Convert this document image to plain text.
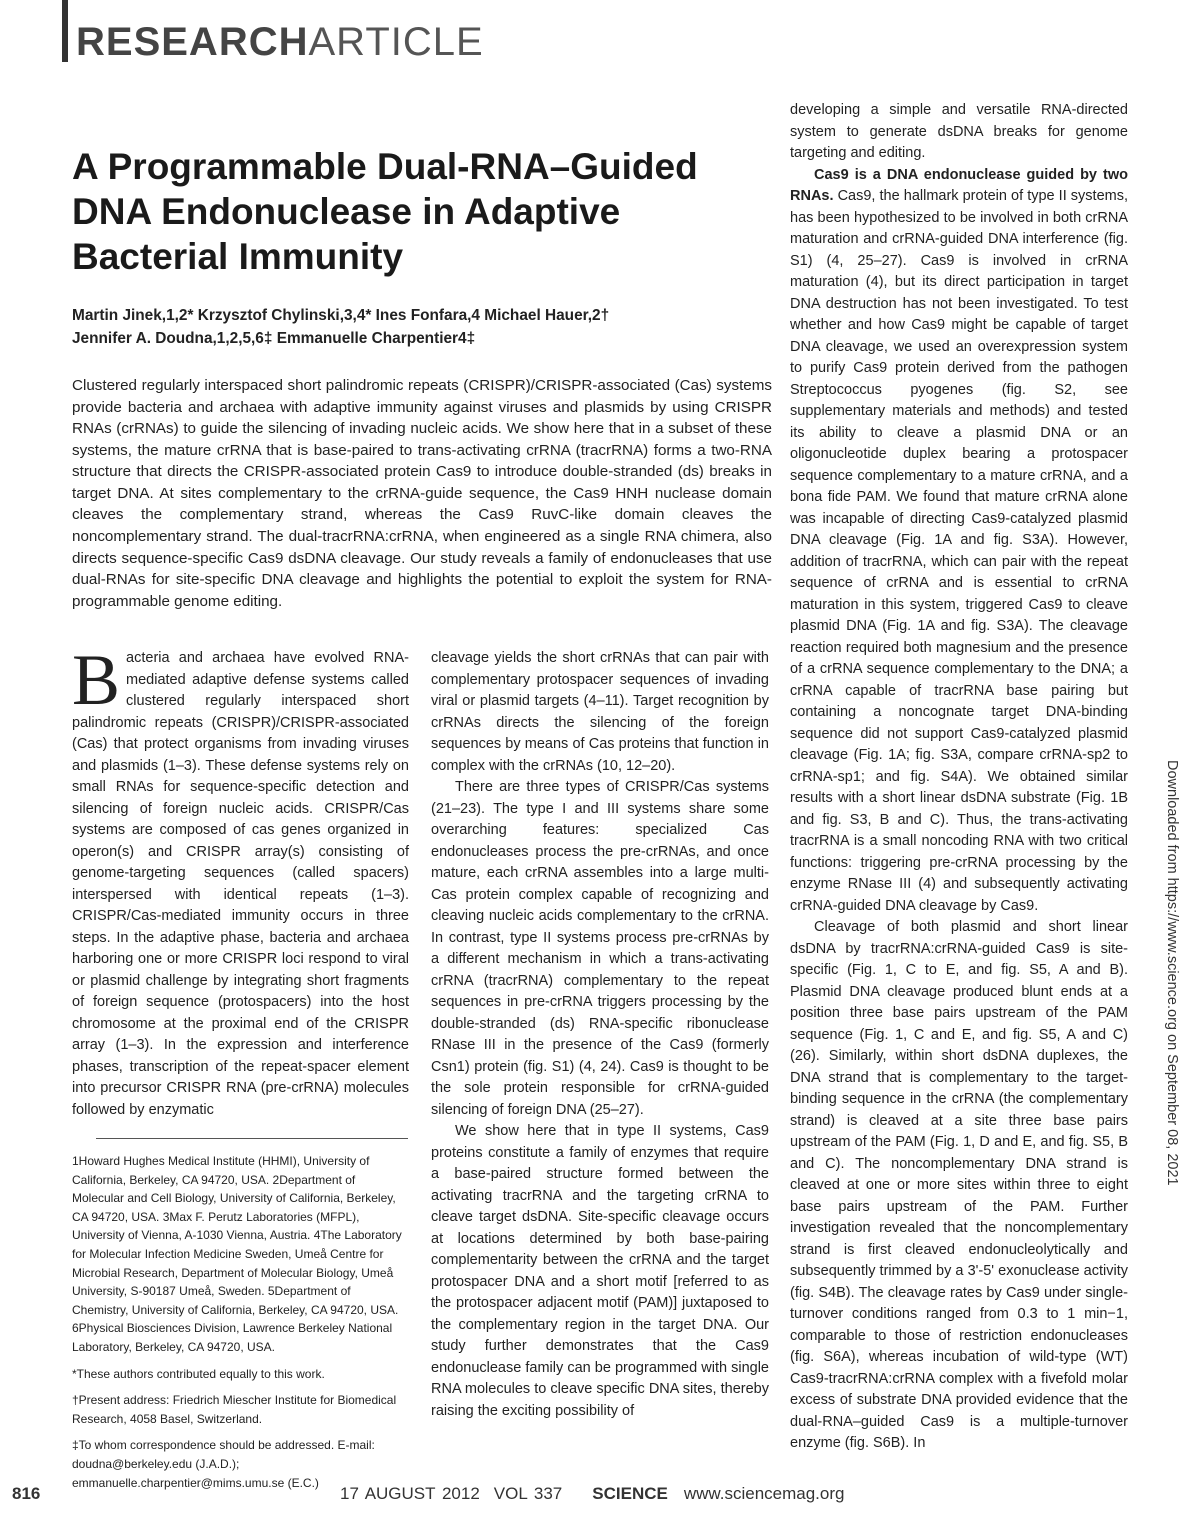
RESEARCHARTICLE
A Programmable Dual-RNA–Guided DNA Endonuclease in Adaptive Bacterial Immunity
Martin Jinek,1,2* Krzysztof Chylinski,3,4* Ines Fonfara,4 Michael Hauer,2†
Jennifer A. Doudna,1,2,5,6‡ Emmanuelle Charpentier4‡
Clustered regularly interspaced short palindromic repeats (CRISPR)/CRISPR-associated (Cas) systems provide bacteria and archaea with adaptive immunity against viruses and plasmids by using CRISPR RNAs (crRNAs) to guide the silencing of invading nucleic acids. We show here that in a subset of these systems, the mature crRNA that is base-paired to trans-activating crRNA (tracrRNA) forms a two-RNA structure that directs the CRISPR-associated protein Cas9 to introduce double-stranded (ds) breaks in target DNA. At sites complementary to the crRNA-guide sequence, the Cas9 HNH nuclease domain cleaves the complementary strand, whereas the Cas9 RuvC-like domain cleaves the noncomplementary strand. The dual-tracrRNA:crRNA, when engineered as a single RNA chimera, also directs sequence-specific Cas9 dsDNA cleavage. Our study reveals a family of endonucleases that use dual-RNAs for site-specific DNA cleavage and highlights the potential to exploit the system for RNA-programmable genome editing.

Bacteria and archaea have evolved RNA-mediated adaptive defense systems called clustered regularly interspaced short palindromic repeats (CRISPR)/CRISPR-associated (Cas) that protect organisms from invading viruses and plasmids (1–3). These defense systems rely on small RNAs for sequence-specific detection and silencing of foreign nucleic acids. CRISPR/Cas systems are composed of cas genes organized in operon(s) and CRISPR array(s) consisting of genome-targeting sequences (called spacers) interspersed with identical repeats (1–3). CRISPR/Cas-mediated immunity occurs in three steps. In the adaptive phase, bacteria and archaea harboring one or more CRISPR loci respond to viral or plasmid challenge by integrating short fragments of foreign sequence (protospacers) into the host chromosome at the proximal end of the CRISPR array (1–3). In the expression and interference phases, transcription of the repeat-spacer element into precursor CRISPR RNA (pre-crRNA) molecules followed by enzymatic

1Howard Hughes Medical Institute (HHMI), University of California, Berkeley, CA 94720, USA. 2Department of Molecular and Cell Biology, University of California, Berkeley, CA 94720, USA. 3Max F. Perutz Laboratories (MFPL), University of Vienna, A-1030 Vienna, Austria. 4The Laboratory for Molecular Infection Medicine Sweden, Umeå Centre for Microbial Research, Department of Molecular Biology, Umeå University, S-90187 Umeå, Sweden. 5Department of Chemistry, University of California, Berkeley, CA 94720, USA. 6Physical Biosciences Division, Lawrence Berkeley National Laboratory, Berkeley, CA 94720, USA.

*These authors contributed equally to this work.

†Present address: Friedrich Miescher Institute for Biomedical Research, 4058 Basel, Switzerland.

‡To whom correspondence should be addressed. E-mail: doudna@berkeley.edu (J.A.D.); emmanuelle.charpentier@mims.umu.se (E.C.)

cleavage yields the short crRNAs that can pair with complementary protospacer sequences of invading viral or plasmid targets (4–11). Target recognition by crRNAs directs the silencing of the foreign sequences by means of Cas proteins that function in complex with the crRNAs (10, 12–20).

There are three types of CRISPR/Cas systems (21–23). The type I and III systems share some overarching features: specialized Cas endonucleases process the pre-crRNAs, and once mature, each crRNA assembles into a large multi-Cas protein complex capable of recognizing and cleaving nucleic acids complementary to the crRNA. In contrast, type II systems process pre-crRNAs by a different mechanism in which a trans-activating crRNA (tracrRNA) complementary to the repeat sequences in pre-crRNA triggers processing by the double-stranded (ds) RNA-specific ribonuclease RNase III in the presence of the Cas9 (formerly Csn1) protein (fig. S1) (4, 24). Cas9 is thought to be the sole protein responsible for crRNA-guided silencing of foreign DNA (25–27).

We show here that in type II systems, Cas9 proteins constitute a family of enzymes that require a base-paired structure formed between the activating tracrRNA and the targeting crRNA to cleave target dsDNA. Site-specific cleavage occurs at locations determined by both base-pairing complementarity between the crRNA and the target protospacer DNA and a short motif [referred to as the protospacer adjacent motif (PAM)] juxtaposed to the complementary region in the target DNA. Our study further demonstrates that the Cas9 endonuclease family can be programmed with single RNA molecules to cleave specific DNA sites, thereby raising the exciting possibility of

developing a simple and versatile RNA-directed system to generate dsDNA breaks for genome targeting and editing.

Cas9 is a DNA endonuclease guided by two RNAs. Cas9, the hallmark protein of type II systems, has been hypothesized to be involved in both crRNA maturation and crRNA-guided DNA interference (fig. S1) (4, 25–27). Cas9 is involved in crRNA maturation (4), but its direct participation in target DNA destruction has not been investigated. To test whether and how Cas9 might be capable of target DNA cleavage, we used an overexpression system to purify Cas9 protein derived from the pathogen Streptococcus pyogenes (fig. S2, see supplementary materials and methods) and tested its ability to cleave a plasmid DNA or an oligonucleotide duplex bearing a protospacer sequence complementary to a mature crRNA, and a bona fide PAM. We found that mature crRNA alone was incapable of directing Cas9-catalyzed plasmid DNA cleavage (Fig. 1A and fig. S3A). However, addition of tracrRNA, which can pair with the repeat sequence of crRNA and is essential to crRNA maturation in this system, triggered Cas9 to cleave plasmid DNA (Fig. 1A and fig. S3A). The cleavage reaction required both magnesium and the presence of a crRNA sequence complementary to the DNA; a crRNA capable of tracrRNA base pairing but containing a noncognate target DNA-binding sequence did not support Cas9-catalyzed plasmid cleavage (Fig. 1A; fig. S3A, compare crRNA-sp2 to crRNA-sp1; and fig. S4A). We obtained similar results with a short linear dsDNA substrate (Fig. 1B and fig. S3, B and C). Thus, the trans-activating tracrRNA is a small noncoding RNA with two critical functions: triggering pre-crRNA processing by the enzyme RNase III (4) and subsequently activating crRNA-guided DNA cleavage by Cas9.

Cleavage of both plasmid and short linear dsDNA by tracrRNA:crRNA-guided Cas9 is site-specific (Fig. 1, C to E, and fig. S5, A and B). Plasmid DNA cleavage produced blunt ends at a position three base pairs upstream of the PAM sequence (Fig. 1, C and E, and fig. S5, A and C) (26). Similarly, within short dsDNA duplexes, the DNA strand that is complementary to the target-binding sequence in the crRNA (the complementary strand) is cleaved at a site three base pairs upstream of the PAM (Fig. 1, D and E, and fig. S5, B and C). The noncomplementary DNA strand is cleaved at one or more sites within three to eight base pairs upstream of the PAM. Further investigation revealed that the noncomplementary strand is first cleaved endonucleolytically and subsequently trimmed by a 3'-5' exonuclease activity (fig. S4B). The cleavage rates by Cas9 under single-turnover conditions ranged from 0.3 to 1 min−1, comparable to those of restriction endonucleases (fig. S6A), whereas incubation of wild-type (WT) Cas9-tracrRNA:crRNA complex with a fivefold molar excess of substrate DNA provided evidence that the dual-RNA–guided Cas9 is a multiple-turnover enzyme (fig. S6B). In

816	17 AUGUST 2012 VOL 337 SCIENCE www.sciencemag.org
Downloaded from https://www.science.org on September 08, 2021
